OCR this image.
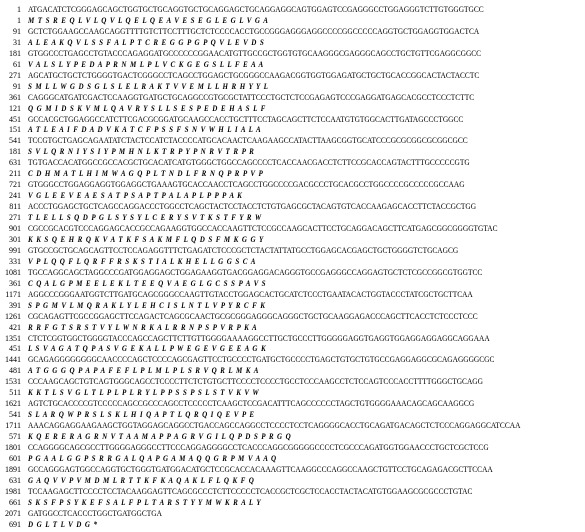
1 ATGACATCTCGGGAGCAGCTGGTGCTGCAGGTGCTGCAGGAGCTGCAGGAGGCAGTGGAGTCCGAGGGCCTGGAGGGTCTTGTGGGTGCC
1 M T S R E Q L V L Q V L Q E L Q E A V E S E G L E G L V G A
91 GCTCTGGAAGCCAAGCAGGTTTTGTCTTCCTTTGCTCTCCCCACCTGCCGGGAGGGAGGCCCCGGCCCCCAGGTGCTGGAGGTGGACTCA
31 A L E A K Q V L S S F A L P T C R E G G P G P Q V L E V D S
181 GTGGCCCTGAGCCTGTACCCAGAGGATGCCCCCCGGAACATGTTGCCGCTGGTGTGCAAGGGCGAGGGCAGCCTGCTGTTCGAGGCGGCC
61 V A L S L Y P E D A P R N M L P L V C K G E G S L L F E A A
271 AGCATGCTGCTCTGGGGTGACTCGGGCCTCAGCCTGGAGCTGCGGGCCAAGACGGTGGTGGAGATGCTGCTGCACCGGCACTACTACCTC
91 S M L L W G D S G L S L E L R A K T V V E M L L H R H Y Y L
361 CAGGGCATGATCGACTCCAAGGTGATGCTGCAGGCCGTGCGCTATTCCCTGCTCTCCGAGAGTCCCGAGGATGAGCACGCCTCCCTCTTC
121 Q G M I D S K V M L Q A V R Y S L L S E S P E D E H A S L F
451 GCCACGCTGGAGGCCATCTTCGACGCGGATGCAAGCCACCTGCTTTCCTAGCAGCTTCTCCAATGTGTGGCACTTGATAGCCCTGGCC
151 A T L E A I F D A D V K A T C F P S S F S N V W H L I A L A
541 TCCGTGCTGAGCAGAATATCTACTCCATCTACCCCATGCACAACTCAAGAAGCCATACTTAAGCGGTGCATCCCGCGCGGCGCGGCGCC
181 S V L Q R N I Y S I Y P M H N L K T R P Y P N R V T R P R
631 TGTGACCACATGGCCGCCACGCTGCACATCATGTGGGCTGGCCAGCCCCTCACCAACGACCTCTTCCGCACCAGTACTTTGCCCCCGTG
211 C D H M A T L H I M W A G Q P L T N D L F R N Q P R P V P
721 GTGGGCCTGGAGGAGGTGGAGGCTGAAAGTGCACCAACCTCAGCCTGGCCCCGACGCCCTGCACGCCTGGCCCCGCCCCCGCCAAG
241 V G L E E V E A E S A T P S A P T P A L A P L P P P A K
811 ACCCTGGAGCTGCTCAGCCAGGACCCTGGCCTCAGCTACTCCTACCTCTGTGAGCGCTACAGTGTCACCAAGAGCACCTTCTACCGCTGG
271 T L E L L S Q D P G L S Y S Y L C E R Y S V T K S T F Y R W
901 CGCCGCACGTCCCAGGAGCACCGCCAGAAGGTGGCCACCAAGTTCTCCGCCAAGCACTTCCTGCAGGACAGCTTCATGAGCGGCGGGGTGTAC
301 K K S Q E H R Q K V A T K F S A K M F L Q D S F M K G G Y
991 GTGCCGCTGCAGCAGTTCCTCCAGAGGTTTCTGAGATCTCCCGCTCTACTATTATGCCTGGAGCACGAGCTGCTGGGGTCTGCAGCG
331 V P L Q Q F L Q R F F R S K S T I A L K H E L L G G S C A
1081 TGCCAGGCAGCTAGGCCCGATGGAGGAGCTGGAGAAGGTGACGGAGGACAGGGTGCCGAGGGCCAGGAGTGCTCTCGCCGGCGTGGTCC
361 C Q A L G P M E E L E K L T E E Q V A E G L G C S S P A V S
1171 AGGCCCGGGAATGGTCTTGATGCAGCGGGCCAAGTTGTACCTGGAGCACTGCATCTCCCTGAATACACTGGTACCCTATCGCTGCTTCAA
391 S P G M V L M Q R A K L Y L E H C I S L N T L V P Y R C F K
1261 CGCAGAGTTCGCCGGAGCTTCCAGACTCAGCGCAACTGCGCGGGAGGGCAGGGCTGCTGCAAGGAGACCCAGCTTCACCTCTCCCTCCC
421 R R F G T S R S T V Y L W N R K A L R R N P S P V R P K A
1351 CTCTCGGTGGCTGGGGTACCCAGCCAGCTTCTTGTTGGGGAAAAGGCCTTGCTGCCCTTGGGGGAGGTGAGGTGGAGGAGGAGGCAGGAAA
451 L S V A G A T Q P A S V G E K A L L P W E G E V G E E A G K
1441 GCAGAGGGGGGGGCAACCCCAGCTCCCCAGCGAGTTCCTGCCCCTGATGCTGCCCCTGAGCTGTGCTGTGCCGAGGAGGCGCAGAGGGGCGC
481 A T G G G Q P A P A F E F L P L M L P L S R V Q R L M K A
1531 CCCAAGCAGCTGTCAGTGGGCAGCCTCCCCTTCTCTGTGCTTCCCCTCCCCTGCCTCCCAAGCCTCTCCAGTCCCACCTTTTGGGCTGCAGG
511 K K T L S V G L T L P L P L R Y L P P S S P S L S T V K V W
1621 AGTCTGCACCCCGTCCCCCAGCCGCCCAGCCTCCCCCTCAAGCTCCGACATTTCAGCCCCCCTAGCTGTGGGGAAACAGCAGCAAGGCG
541 S L A R Q W P R S L S K L H I Q A P T L Q R Q I Q E V P E
1711 AAACAGGAGGAAGAAGCTGGTAGGAGCAGGCCTGACCAGCCAGGCCTCCCCTCCTCAGGGGCACCTGCAGATGACAGCTCTCCCAGGAGGCATCCAA
571 K Q E R E R A G R N V T A A M A P P A G R V G I L Q P D S P R G Q
1801 CCAGGGGCAGCGCCTTGGGGAGGGCCTTCCCAGGAGGGGCCTCACCCAGGCGGGGGCCCCTCGCCCAGATGGTGGAACCCTGCTCGCTCCG
601 P G A A L G G P S R R G A L Q A P G A M A Q Q G R P M V A A Q
1891 GCCAGGGAGTGGCCAGGTGCTGGGTGATGGACATGCTCCGCACCACAAAGTTCAAGGCCCAGGCCAAGCTGTTCCTGCAGAGACGCTTCCAA
631 G A Q V V P V M D M L R T T K F K A Q A K L F L Q K F Q
1981 TCCAAGAGCTTCCCCTCCTACAAGGAGTTCAGCGCCCTCTTCCCCCTCACCGCTCGCTCCACCTACTACATGTGGAAGCGCGCCCTGTAC
661 S K S F P S Y K E F S A L F P L T A R S T Y Y M W K R A L Y
2071 GATGGCCTCACCCTGGCTGATGGCTGA
691 D G L T L V D G *
